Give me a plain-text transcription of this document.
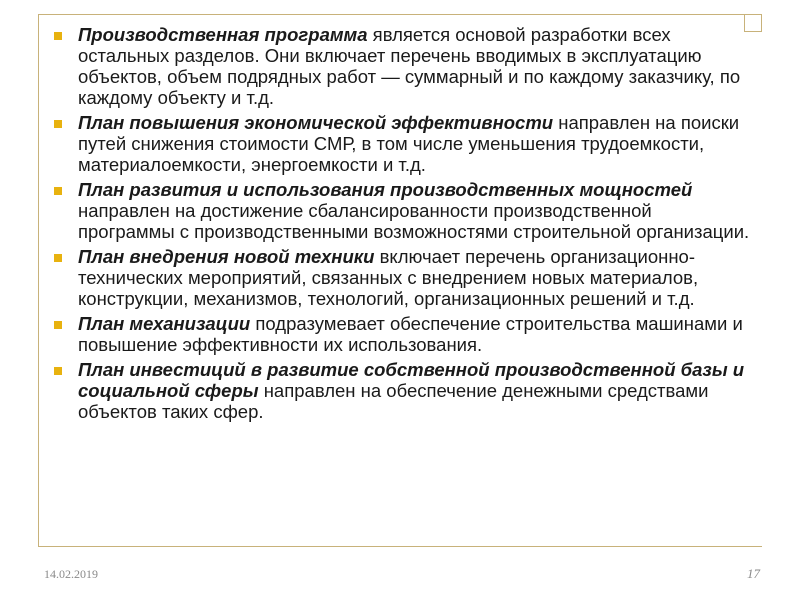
Производственная программа является основой разработки всех остальных разделов. Они включает перечень вводимых в эксплуатацию объектов, объем подрядных работ — суммарный и по каждому заказчику, по каждому объекту и т.д.
План повышения экономической эффективности направлен на поиски путей снижения стоимости СМР, в том числе уменьшения трудоемкости, материалоемкости, энергоемкости и т.д.
План развития и использования производственных мощностей направлен на достижение сбалансированности производственной программы с производственными возможностями строительной организации.
План внедрения новой техники включает перечень организационно-технических мероприятий, связанных с внедрением новых материалов, конструкции, механизмов, технологий, организационных решений и т.д.
План механизации подразумевает обеспечение строительства машинами и повышение эффективности их использования.
План инвестиций в развитие собственной производственной базы и социальной сферы направлен на обеспечение денежными средствами объектов таких сфер.
14.02.2019	17
